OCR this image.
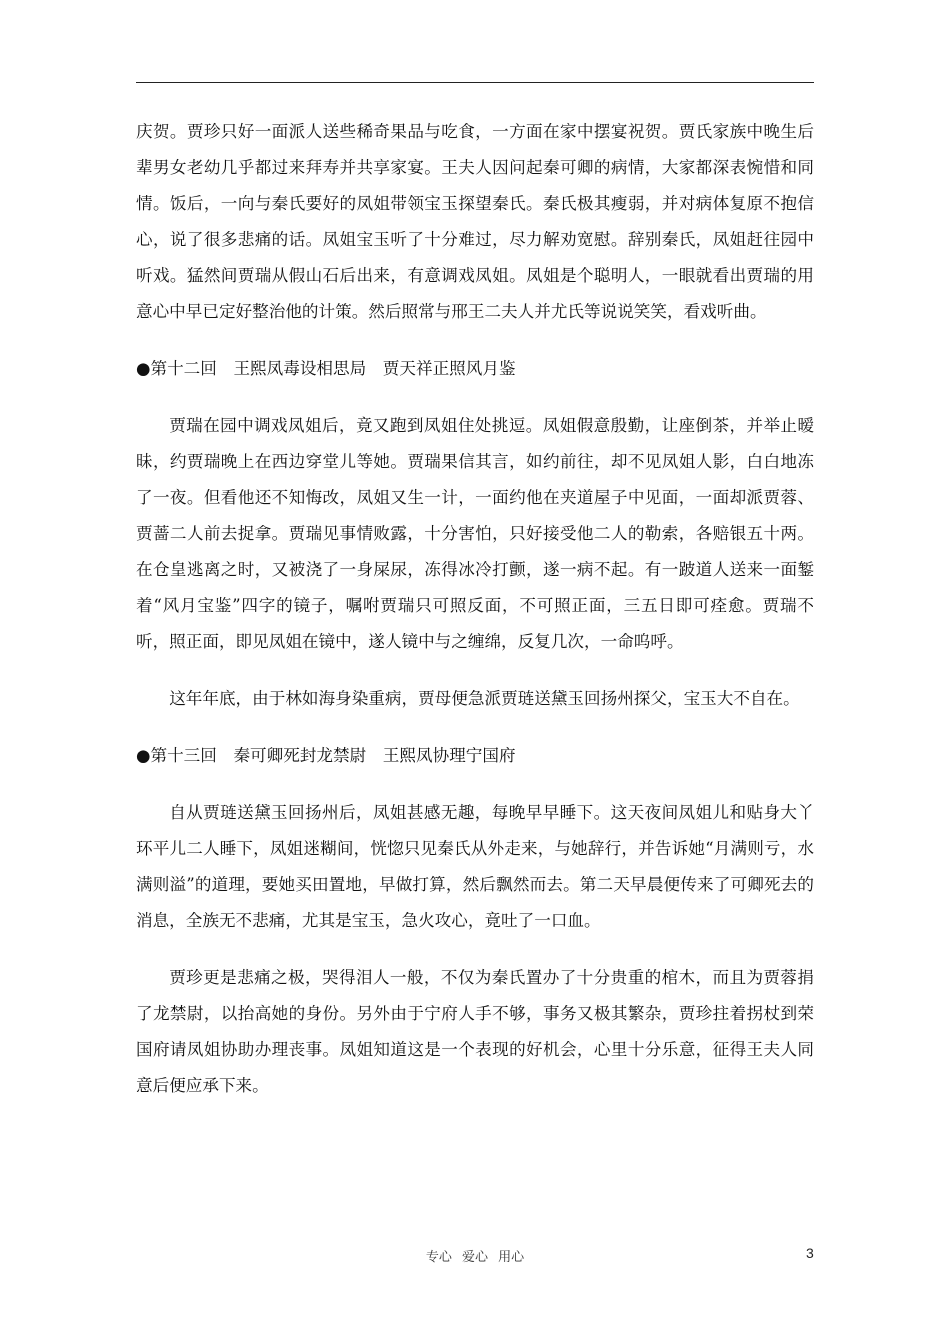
庆贺。贾珍只好一面派人送些稀奇果品与吃食，一方面在家中摆宴祝贺。贾氏家族中晚生后辈男女老幼几乎都过来拜寿并共享家宴。王夫人因问起秦可卿的病情，大家都深表惋惜和同情。饭后，一向与秦氏要好的凤姐带领宝玉探望秦氏。秦氏极其瘦弱，并对病体复原不抱信心，说了很多悲痛的话。凤姐宝玉听了十分难过，尽力解劝宽慰。辞别秦氏，凤姐赶往园中听戏。猛然间贾瑞从假山石后出来，有意调戏凤姐。凤姐是个聪明人，一眼就看出贾瑞的用意心中早已定好整治他的计策。然后照常与邢王二夫人并尤氏等说说笑笑，看戏听曲。

●第十二回　王熙凤毒设相思局　贾天祥正照风月鉴

贾瑞在园中调戏凤姐后，竟又跑到凤姐住处挑逗。凤姐假意殷勤，让座倒茶，并举止暧昧，约贾瑞晚上在西边穿堂儿等她。贾瑞果信其言，如约前往，却不见凤姐人影，白白地冻了一夜。但看他还不知悔改，凤姐又生一计，一面约他在夹道屋子中见面，一面却派贾蓉、贾蔷二人前去捉拿。贾瑞见事情败露，十分害怕，只好接受他二人的勒索，各赔银五十两。在仓皇逃离之时，又被浇了一身屎尿，冻得冰冷打颤，遂一病不起。有一跛道人送来一面錾着“风月宝鉴”四字的镜子，嘱咐贾瑞只可照反面，不可照正面，三五日即可痊愈。贾瑞不听，照正面，即见凤姐在镜中，遂人镜中与之缠绵，反复几次，一命呜呼。

这年年底，由于林如海身染重病，贾母便急派贾琏送黛玉回扬州探父，宝玉大不自在。

●第十三回　秦可卿死封龙禁尉　王熙凤协理宁国府

自从贾琏送黛玉回扬州后，凤姐甚感无趣，每晚早早睡下。这天夜间凤姐儿和贴身大丫环平儿二人睡下，凤姐迷糊间，恍惚只见秦氏从外走来，与她辞行，并告诉她“月满则亏，水满则溢”的道理，要她买田置地，早做打算，然后飘然而去。第二天早晨便传来了可卿死去的消息，全族无不悲痛，尤其是宝玉，急火攻心，竟吐了一口血。

贾珍更是悲痛之极，哭得泪人一般，不仅为秦氏置办了十分贵重的棺木，而且为贾蓉捐了龙禁尉，以抬高她的身份。另外由于宁府人手不够，事务又极其繁杂，贾珍拄着拐杖到荣国府请凤姐协助办理丧事。凤姐知道这是一个表现的好机会，心里十分乐意，征得王夫人同意后便应承下来。

专心 爱心 用心	3
